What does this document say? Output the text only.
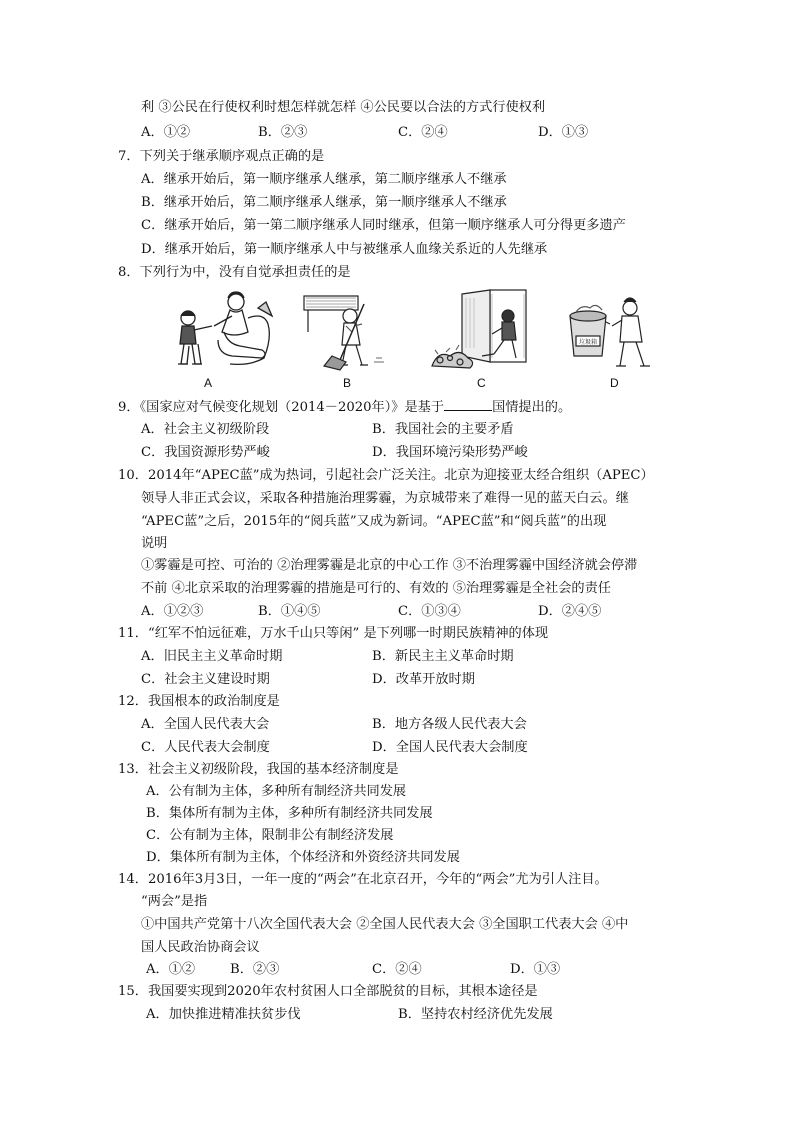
利 ③公民在行使权利时想怎样就怎样 ④公民要以合法的方式行使权利
A．①②	B．②③	C．②④	D．①③
7．下列关于继承顺序观点正确的是
A．继承开始后，第一顺序继承人继承，第二顺序继承人不继承
B．继承开始后，第二顺序继承人继承，第一顺序继承人不继承
C．继承开始后，第一第二顺序继承人同时继承，但第一顺序继承人可分得更多遗产
D．继承开始后，第一顺序继承人中与被继承人血缘关系近的人先继承
8．下列行为中，没有自觉承担责任的是
垃圾箱
A	B	C	D
9．《国家应对气候变化规划（2014－2020年）》是基于	国情提出的。
A．社会主义初级阶段	B．我国社会的主要矛盾
C．我国资源形势严峻	D．我国环境污染形势严峻
10．2014年“APEC蓝”成为热词，引起社会广泛关注。北京为迎接亚太经合组织（APEC）
领导人非正式会议，采取各种措施治理雾霾，为京城带来了难得一见的蓝天白云。继
“APEC蓝”之后，2015年的“阅兵蓝”又成为新词。“APEC蓝”和“阅兵蓝”的出现
说明
①雾霾是可控、可治的 ②治理雾霾是北京的中心工作 ③不治理雾霾中国经济就会停滞
不前 ④北京采取的治理雾霾的措施是可行的、有效的 ⑤治理雾霾是全社会的责任
A．①②③	B．①④⑤	C．①③④	D．②④⑤
11．“红军不怕远征难，万水千山只等闲” 是下列哪一时期民族精神的体现
A．旧民主主义革命时期	B．新民主主义革命时期
C．社会主义建设时期	D．改革开放时期
12．我国根本的政治制度是
A．全国人民代表大会	B．地方各级人民代表大会
C．人民代表大会制度	D．全国人民代表大会制度
13．社会主义初级阶段，我国的基本经济制度是
A．公有制为主体，多种所有制经济共同发展
B．集体所有制为主体，多种所有制经济共同发展
C．公有制为主体，限制非公有制经济发展
D．集体所有制为主体，个体经济和外资经济共同发展
14．2016年3月3日，一年一度的“两会”在北京召开，今年的“两会”尤为引人注目。
“两会”是指
①中国共产党第十八次全国代表大会 ②全国人民代表大会 ③全国职工代表大会 ④中
国人民政治协商会议
A．①②	B．②③	C．②④	D．①③
15．我国要实现到2020年农村贫困人口全部脱贫的目标，其根本途径是
A．加快推进精准扶贫步伐	B．坚持农村经济优先发展
